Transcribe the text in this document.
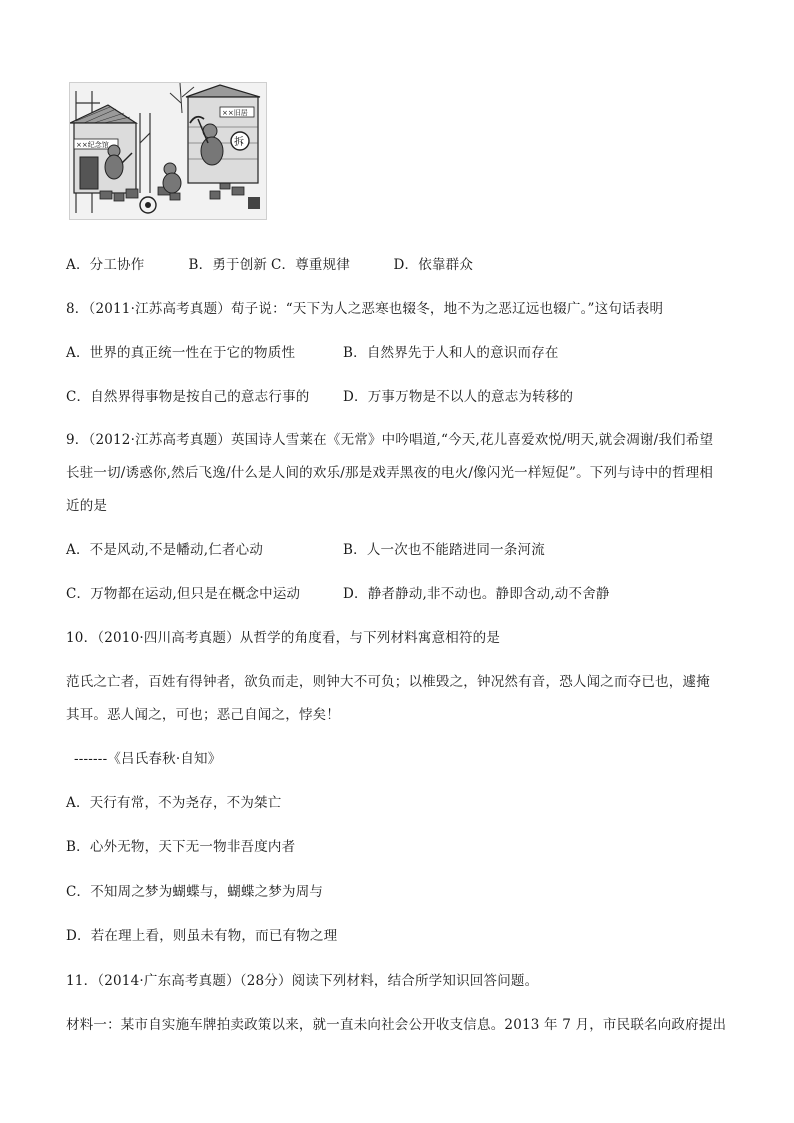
××纪念馆
××旧居
拆
A．分工协作	B．勇于创新 C．尊重规律	D．依靠群众
8．（2011·江苏高考真题）荀子说：“天下为人之恶寒也辍冬，地不为之恶辽远也辍广。”这句话表明
A．世界的真正统一性在于它的物质性	B．自然界先于人和人的意识而存在
C．自然界得事物是按自己的意志行事的 D．万事万物是不以人的意志为转移的
9．（2012·江苏高考真题）英国诗人雪莱在《无常》中吟唱道,“今天,花儿喜爱欢悦/明天,就会凋谢/我们希望
长驻一切/诱惑你,然后飞逸/什么是人间的欢乐/那是戏弄黑夜的电火/像闪光一样短促”。下列与诗中的哲理相
近的是
A．不是风动,不是幡动,仁者心动	B．人一次也不能踏进同一条河流
C．万物都在运动,但只是在概念中运动	D．静者静动,非不动也。静即含动,动不舍静
10．（2010·四川高考真题）从哲学的角度看，与下列材料寓意相符的是
范氏之亡者，百姓有得钟者，欲负而走，则钟大不可负；以椎毁之，钟况然有音，恐人闻之而夺已也，遽掩
其耳。恶人闻之，可也；恶己自闻之，悖矣！
-------《吕氏春秋·自知》
A．天行有常，不为尧存，不为桀亡
B．心外无物，天下无一物非吾度内者
C．不知周之梦为蝴蝶与，蝴蝶之梦为周与
D．若在理上看，则虽未有物，而已有物之理
11．（2014·广东高考真题）（28分）阅读下列材料，结合所学知识回答问题。
材料一：某市自实施车牌拍卖政策以来，就一直未向社会公开收支信息。2013 年 7 月，市民联名向政府提出
